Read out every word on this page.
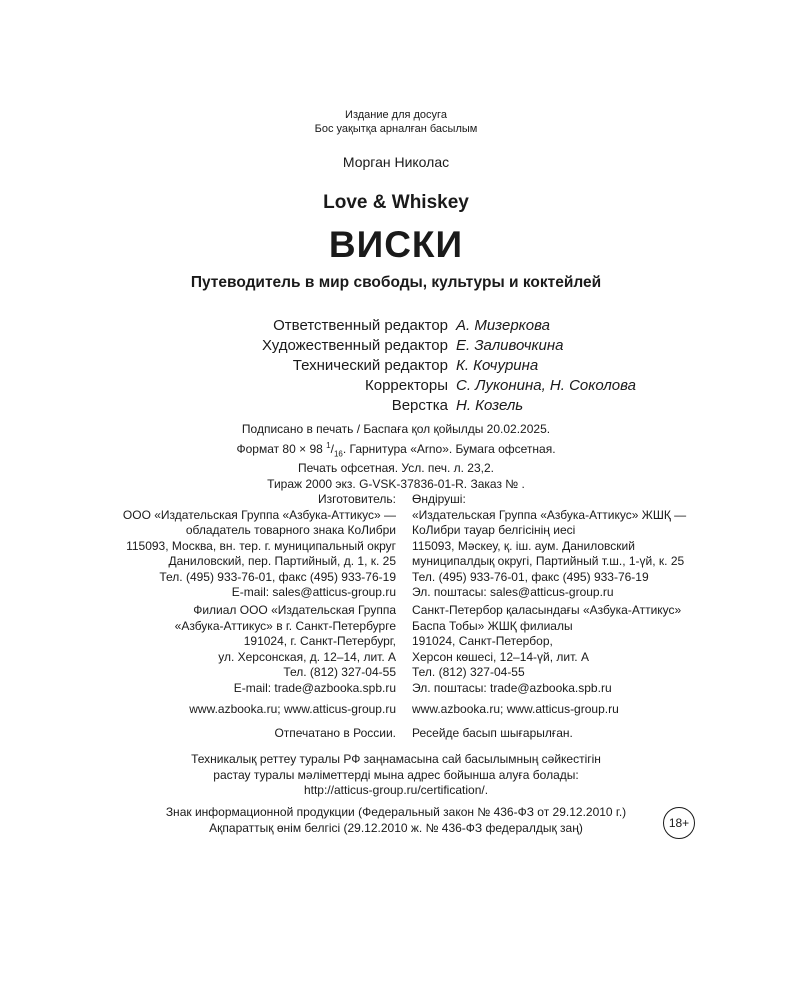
Издание для досуга
Бос уақытқа арналған басылым
Морган Николас
Love & Whiskey
ВИСКИ
Путеводитель в мир свободы, культуры и коктейлей
Ответственный редактор А. Мизеркова
Художественный редактор Е. Заливочкина
Технический редактор К. Кочурина
Корректоры С. Луконина, Н. Соколова
Верстка Н. Козель
Подписано в печать / Баспаға қол қойылды 20.02.2025.
Формат 80 × 98 $^1/_{16}$. Гарнитура «Arno». Бумага офсетная.
Печать офсетная. Усл. печ. л. 23,2.
Тираж 2000 экз. G-VSK-37836-01-R. Заказ № .
Изготовитель:
ООО «Издательская Группа «Азбука-Аттикус» —
обладатель товарного знака КоЛибри
115093, Москва, вн. тер. г. муниципальный округ
Даниловский, пер. Партийный, д. 1, к. 25
Тел. (495) 933-76-01, факс (495) 933-76-19
E-mail: sales@atticus-group.ru
Өндіруші:
«Издательская Группа «Азбука-Аттикус» ЖШҚ —
КоЛибри тауар белгісінің иесі
115093, Мәскеу, қ. іш. аум. Даниловский
муниципалдық округі, Партийный т.ш., 1-үй, к. 25
Тел. (495) 933-76-01, факс (495) 933-76-19
Эл. поштасы: sales@atticus-group.ru
Филиал ООО «Издательская Группа
«Азбука-Аттикус» в г. Санкт-Петербурге
191024, г. Санкт-Петербург,
ул. Херсонская, д. 12–14, лит. А
Тел. (812) 327-04-55
E-mail: trade@azbooka.spb.ru
Санкт-Петербор қаласындағы «Азбука-Аттикус»
Баспа Тобы» ЖШҚ филиалы
191024, Санкт-Петербор,
Херсон көшесі, 12–14-үй, лит. А
Тел. (812) 327-04-55
Эл. поштасы: trade@azbooka.spb.ru
www.azbooka.ru; www.atticus-group.ru www.azbooka.ru; www.atticus-group.ru
Отпечатано в России. Ресейде басып шығарылған.
Техникалық реттеу туралы РФ заңнамасына сай басылымның сәйкестігін
растау туралы мәліметтерді мына адрес бойынша алуға болады:
http://atticus-group.ru/certification/.
Знак информационной продукции (Федеральный закон № 436-ФЗ от 29.12.2010 г.)
Ақпараттық өнім белгісі (29.12.2010 ж. № 436-ФЗ федералдық заң)	18+
